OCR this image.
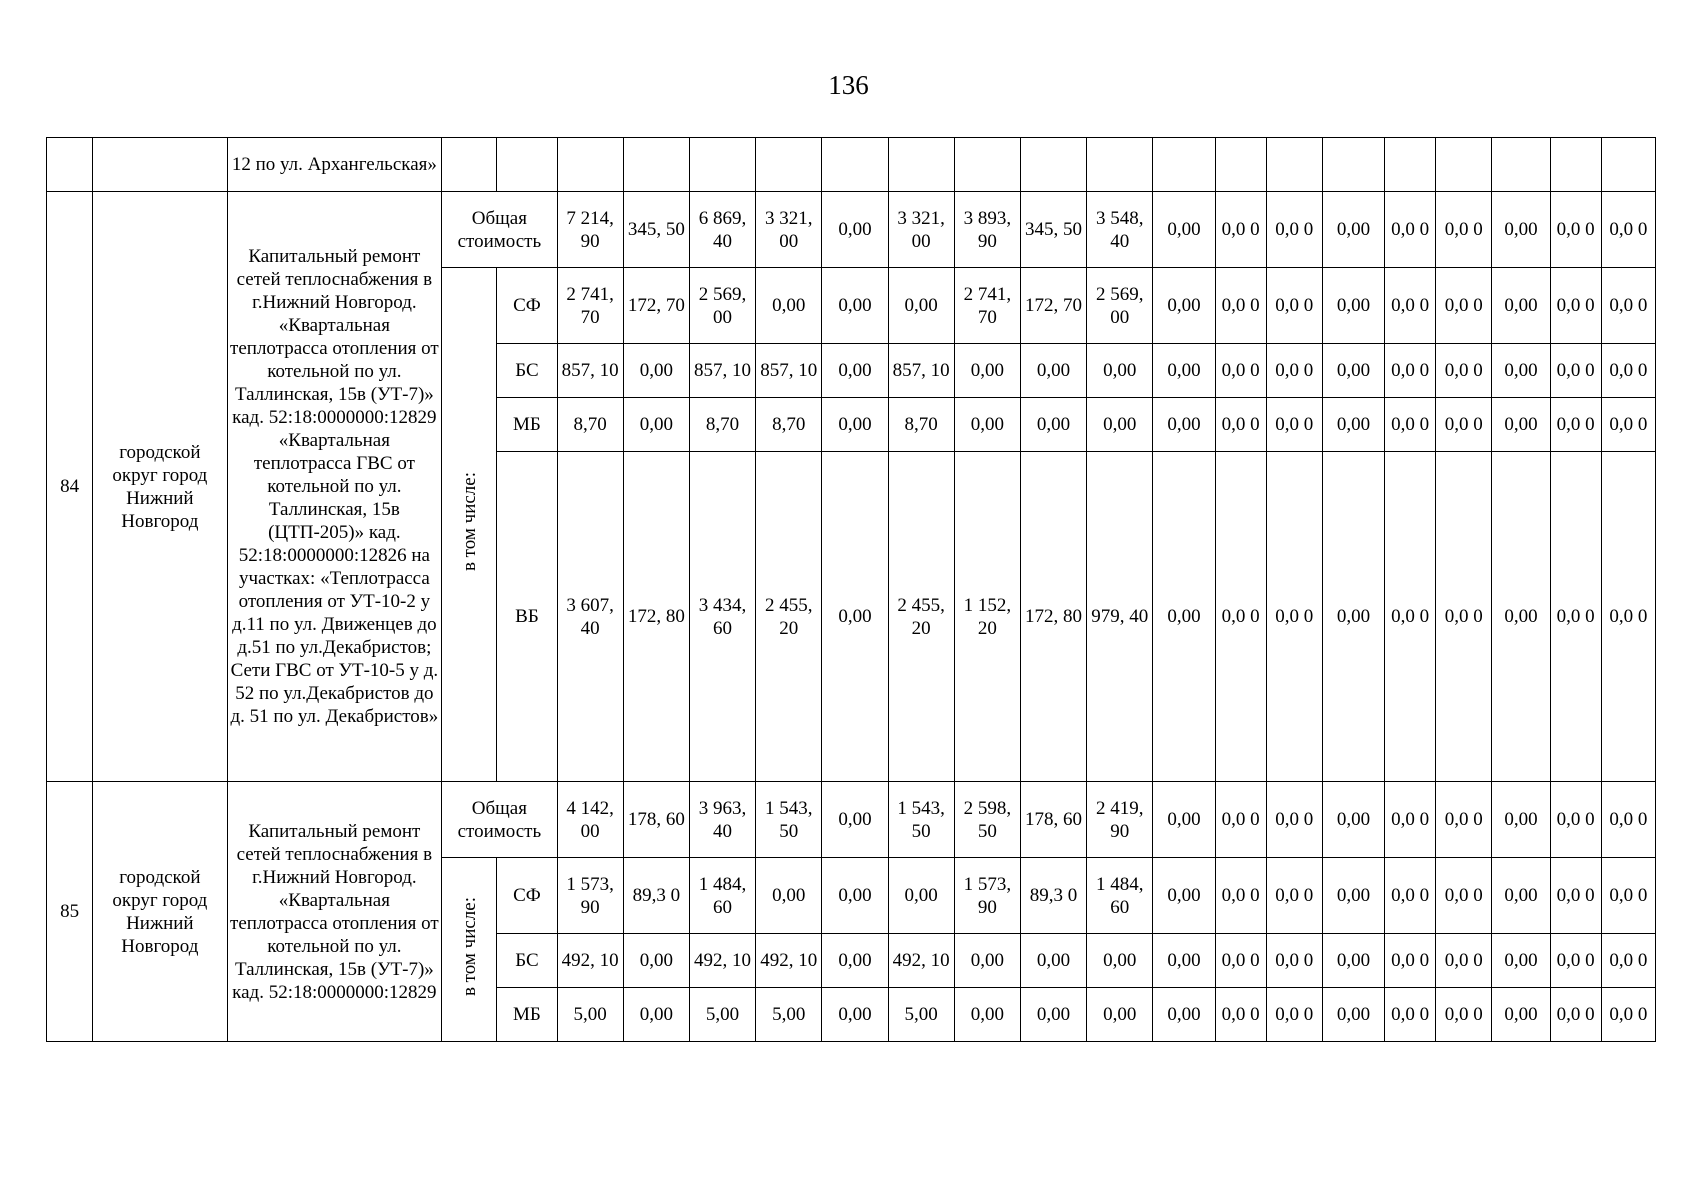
136
		12 по ул. Архангельская»																				
84	городской округ город Нижний Новгород	Капитальный ремонт сетей теплоснабжения в г.Нижний Новгород. «Квартальная теплотрасса отопления от котельной по ул. Таллинская, 15в (УТ-7)» кад. 52:18:0000000:12829 «Квартальная теплотрасса ГВС от котельной по ул. Таллинская, 15в (ЦТП-205)» кад. 52:18:0000000:12826 на участках: «Теплотрасса отопления от УТ-10-2 у д.11 по ул. Движенцев до д.51 по ул.Декабристов; Сети ГВС от УТ-10-5 у д. 52 по ул.Декабристов до д. 51 по ул. Декабристов»	Общая стоимость		7 214, 90	345, 50	6 869, 40	3 321, 00	0,00	3 321, 00	3 893, 90	345, 50	3 548, 40	0,00	0,0 0	0,0 0	0,00	0,0 0	0,0 0	0,00	0,0 0	0,0 0
			в том числе:	СФ	2 741, 70	172, 70	2 569, 00	0,00	0,00	0,00	2 741, 70	172, 70	2 569, 00	0,00	0,0 0	0,0 0	0,00	0,0 0	0,0 0	0,00	0,0 0	0,0 0
				БС	857, 10	0,00	857, 10	857, 10	0,00	857, 10	0,00	0,00	0,00	0,00	0,0 0	0,0 0	0,00	0,0 0	0,0 0	0,00	0,0 0	0,0 0
				МБ	8,70	0,00	8,70	8,70	0,00	8,70	0,00	0,00	0,00	0,00	0,0 0	0,0 0	0,00	0,0 0	0,0 0	0,00	0,0 0	0,0 0
				ВБ	3 607, 40	172, 80	3 434, 60	2 455, 20	0,00	2 455, 20	1 152, 20	172, 80	979, 40	0,00	0,0 0	0,0 0	0,00	0,0 0	0,0 0	0,00	0,0 0	0,0 0
85	городской округ город Нижний Новгород	Капитальный ремонт сетей теплоснабжения в г.Нижний Новгород. «Квартальная теплотрасса отопления от котельной по ул. Таллинская, 15в (УТ-7)» кад. 52:18:0000000:12829	Общая стоимость		4 142, 00	178, 60	3 963, 40	1 543, 50	0,00	1 543, 50	2 598, 50	178, 60	2 419, 90	0,00	0,0 0	0,0 0	0,00	0,0 0	0,0 0	0,00	0,0 0	0,0 0
			в том числе:	СФ	1 573, 90	89,3 0	1 484, 60	0,00	0,00	0,00	1 573, 90	89,3 0	1 484, 60	0,00	0,0 0	0,0 0	0,00	0,0 0	0,0 0	0,00	0,0 0	0,0 0
				БС	492, 10	0,00	492, 10	492, 10	0,00	492, 10	0,00	0,00	0,00	0,00	0,0 0	0,0 0	0,00	0,0 0	0,0 0	0,00	0,0 0	0,0 0
				МБ	5,00	0,00	5,00	5,00	0,00	5,00	0,00	0,00	0,00	0,00	0,0 0	0,0 0	0,00	0,0 0	0,0 0	0,00	0,0 0	0,0 0
